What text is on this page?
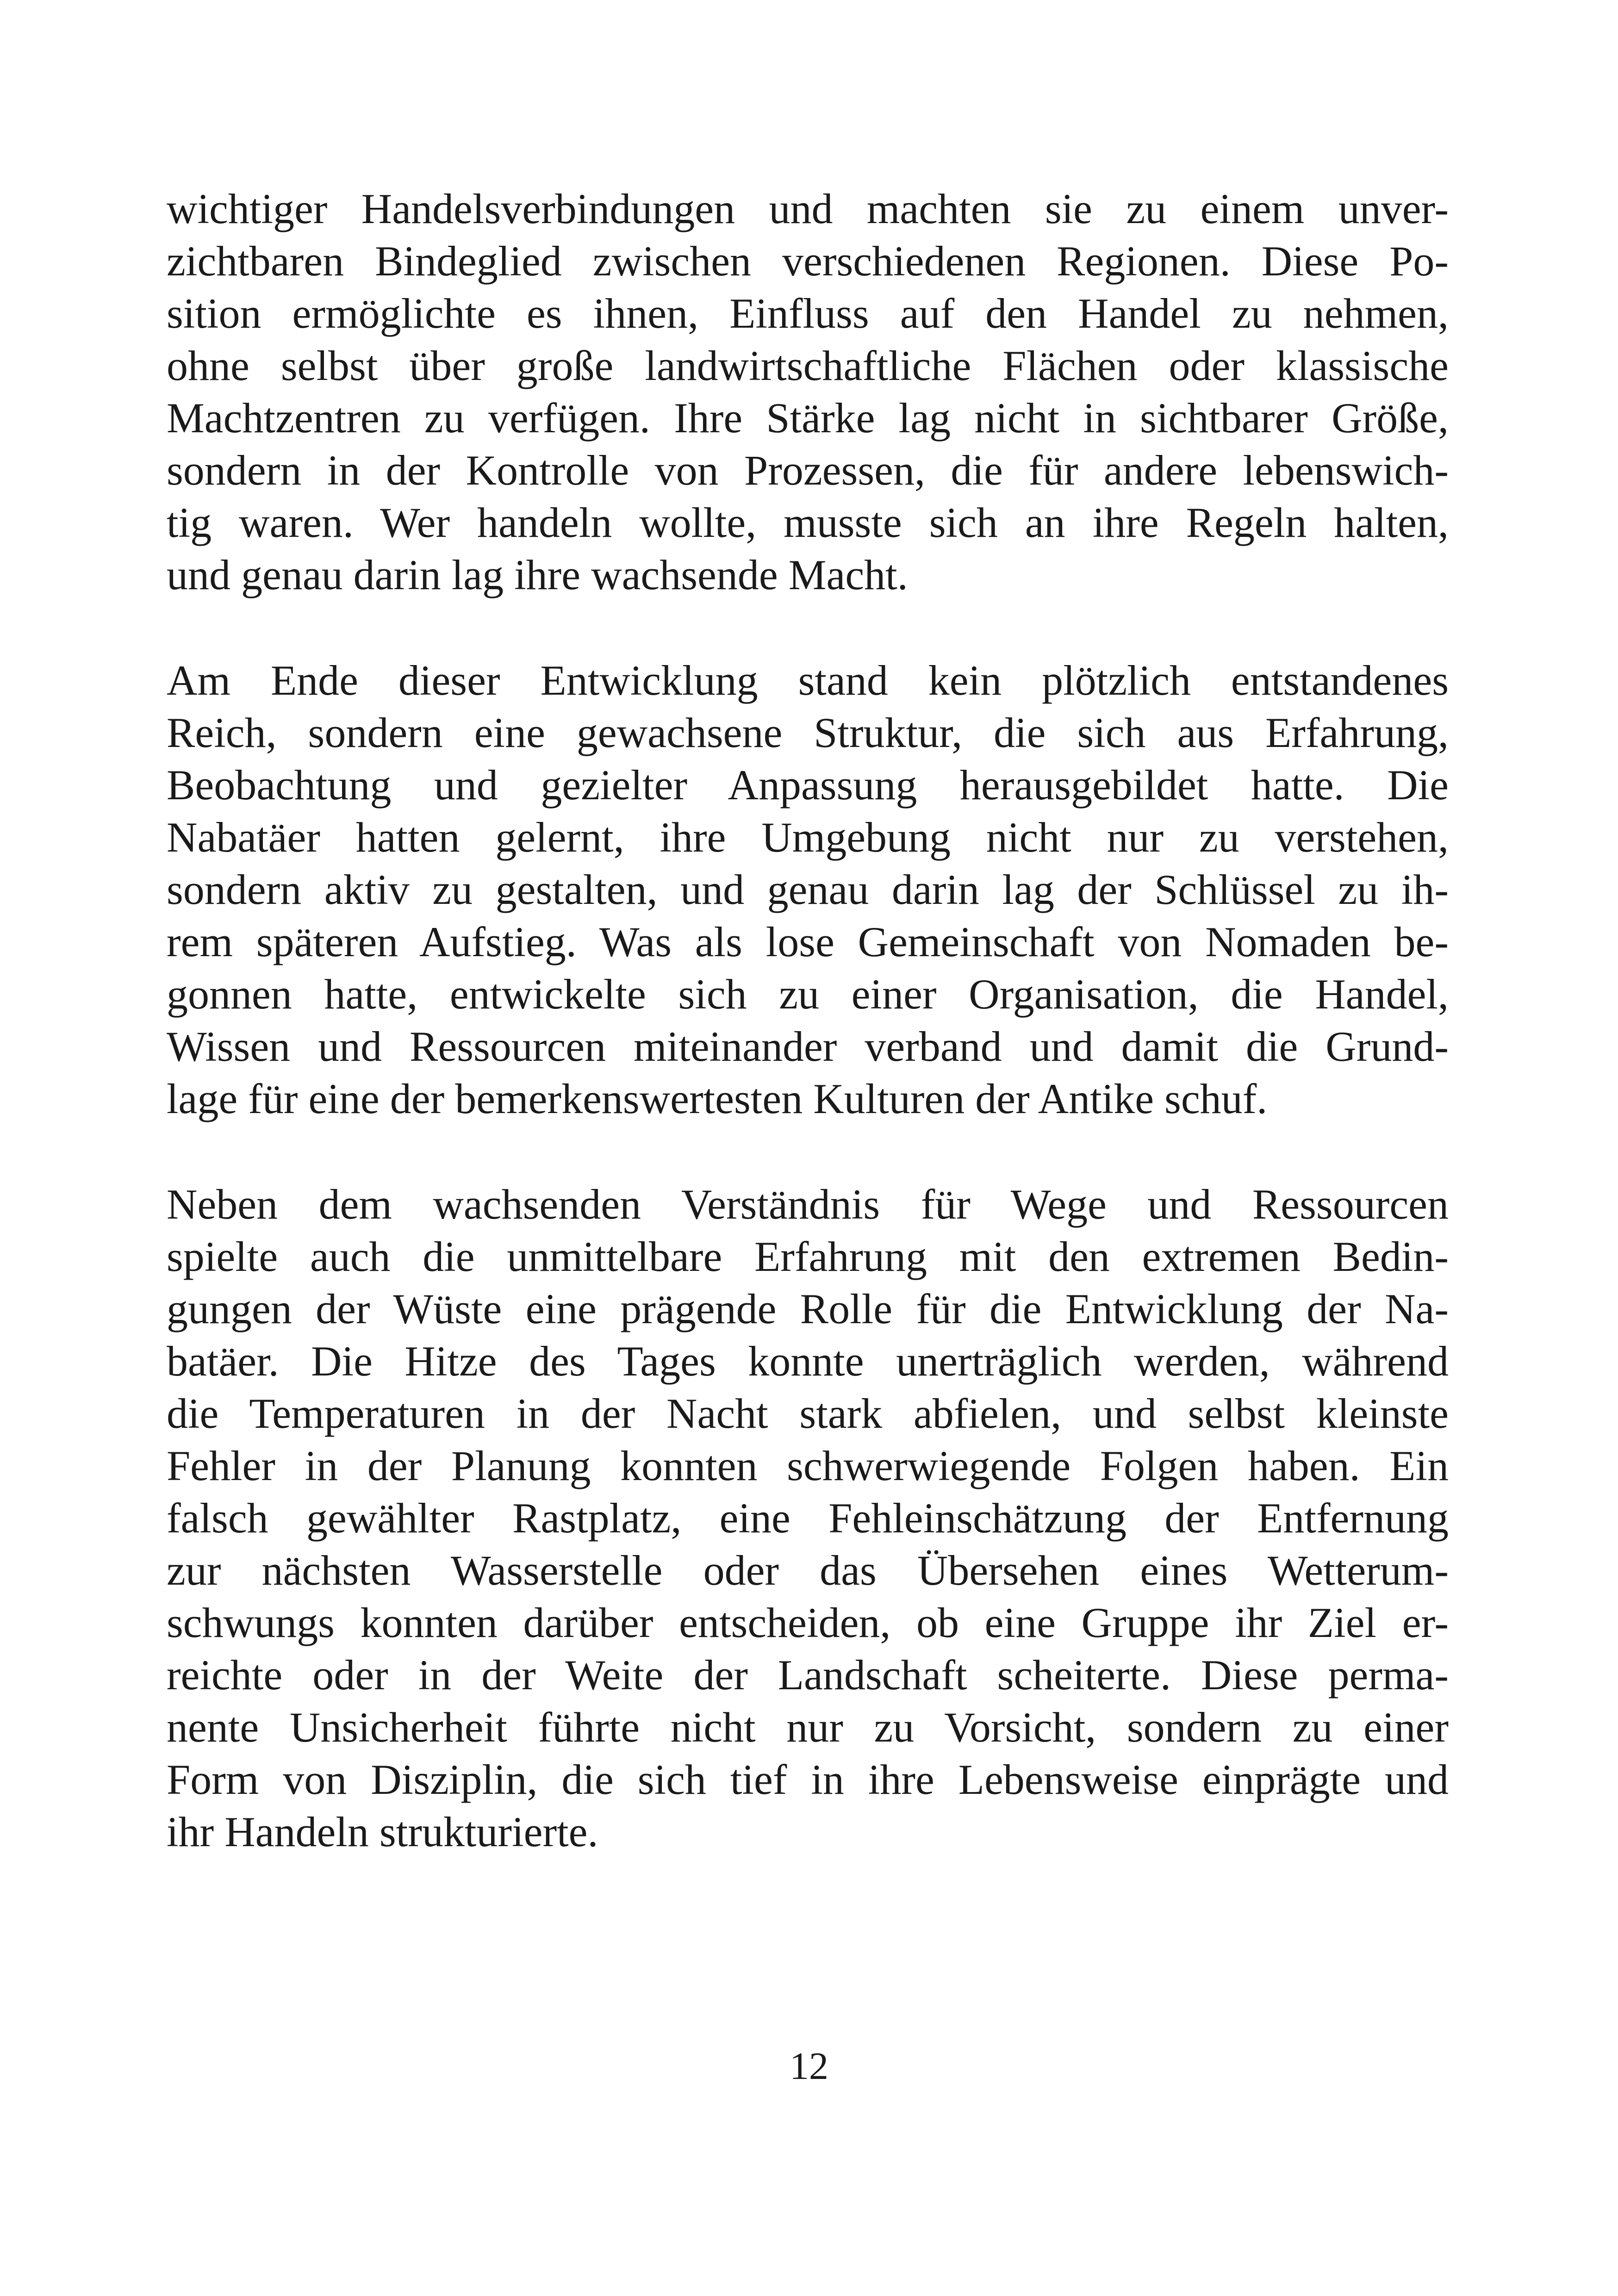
wichtiger Handelsverbindungen und machten sie zu einem unver-
zichtbaren Bindeglied zwischen verschiedenen Regionen. Diese Po-
sition ermöglichte es ihnen, Einfluss auf den Handel zu nehmen,
ohne selbst über große landwirtschaftliche Flächen oder klassische
Machtzentren zu verfügen. Ihre Stärke lag nicht in sichtbarer Größe,
sondern in der Kontrolle von Prozessen, die für andere lebenswich-
tig waren. Wer handeln wollte, musste sich an ihre Regeln halten,
und genau darin lag ihre wachsende Macht.

Am Ende dieser Entwicklung stand kein plötzlich entstandenes
Reich, sondern eine gewachsene Struktur, die sich aus Erfahrung,
Beobachtung und gezielter Anpassung herausgebildet hatte. Die
Nabatäer hatten gelernt, ihre Umgebung nicht nur zu verstehen,
sondern aktiv zu gestalten, und genau darin lag der Schlüssel zu ih-
rem späteren Aufstieg. Was als lose Gemeinschaft von Nomaden be-
gonnen hatte, entwickelte sich zu einer Organisation, die Handel,
Wissen und Ressourcen miteinander verband und damit die Grund-
lage für eine der bemerkenswertesten Kulturen der Antike schuf.

Neben dem wachsenden Verständnis für Wege und Ressourcen
spielte auch die unmittelbare Erfahrung mit den extremen Bedin-
gungen der Wüste eine prägende Rolle für die Entwicklung der Na-
batäer. Die Hitze des Tages konnte unerträglich werden, während
die Temperaturen in der Nacht stark abfielen, und selbst kleinste
Fehler in der Planung konnten schwerwiegende Folgen haben. Ein
falsch gewählter Rastplatz, eine Fehleinschätzung der Entfernung
zur nächsten Wasserstelle oder das Übersehen eines Wetterum-
schwungs konnten darüber entscheiden, ob eine Gruppe ihr Ziel er-
reichte oder in der Weite der Landschaft scheiterte. Diese perma-
nente Unsicherheit führte nicht nur zu Vorsicht, sondern zu einer
Form von Disziplin, die sich tief in ihre Lebensweise einprägte und
ihr Handeln strukturierte.

12
